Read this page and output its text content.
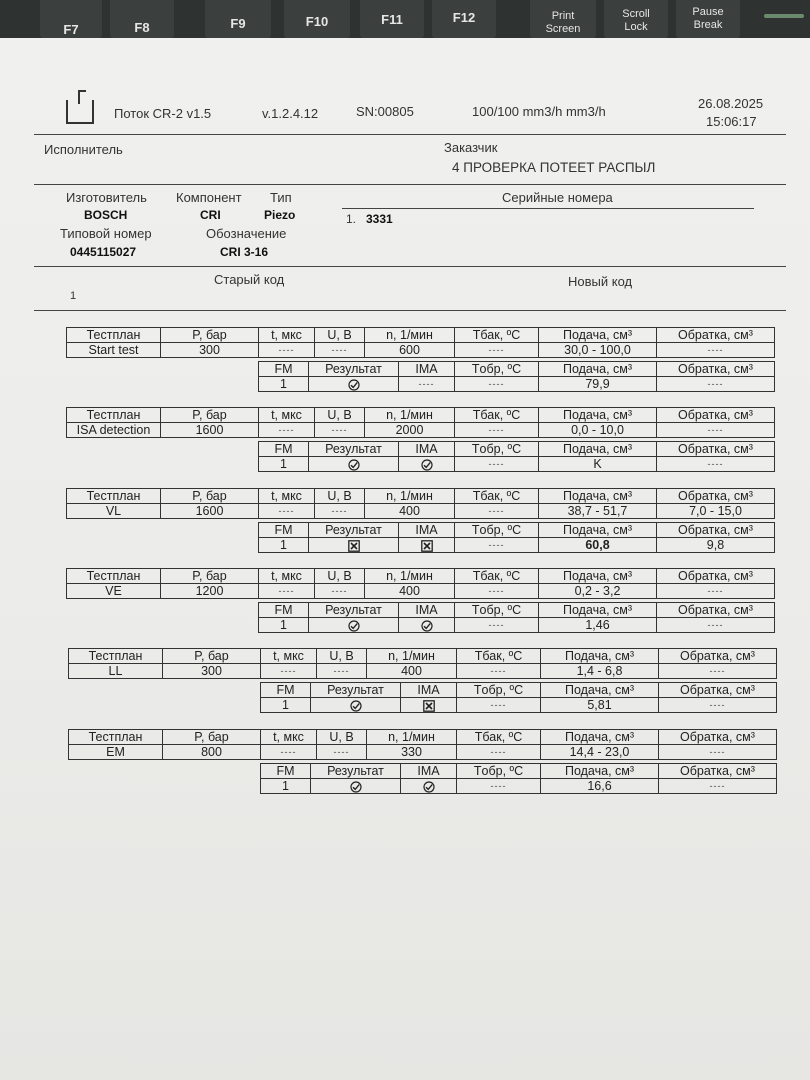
F7	F8	F9	F10	F11	F12	Print
Screen
Scroll
Lock
Pause
Break
Поток CR-2 v1.5	v.1.2.4.12	SN:00805	100/100 mm3/h mm3/h
26.08.2025
15:06:17
Исполнитель	Заказчик
4 ПРОВЕРКА ПОТЕЕТ РАСПЫЛ
Изготовитель
BOSCH
Компонент
CRI
Тип
Piezo
Типовой номер
0445115027
Обозначение
CRI 3-16
Серийные номера
1. 3331
Старый код
1
Новый код
Тестплан	P, бар	t, мкс	U, В	n, 1/мин	Tбак, ºC	Подача, см³	Обратка, см³
Start test	300	----	----	600	----	30,0 - 100,0	----
FM	Результат	IMA	Tобр, ºC	Подача, см³	Обратка, см³
1		----	----	79,9	----
Тестплан	P, бар	t, мкс	U, В	n, 1/мин	Tбак, ºC	Подача, см³	Обратка, см³
ISA detection	1600	----	----	2000	----	0,0 - 10,0	----
FM	Результат	IMA	Tобр, ºC	Подача, см³	Обратка, см³
1			----	K	----
Тестплан	P, бар	t, мкс	U, В	n, 1/мин	Tбак, ºC	Подача, см³	Обратка, см³
VL	1600	----	----	400	----	38,7 - 51,7	7,0 - 15,0
FM	Результат	IMA	Tобр, ºC	Подача, см³	Обратка, см³
1			----	60,8	9,8
Тестплан	P, бар	t, мкс	U, В	n, 1/мин	Tбак, ºC	Подача, см³	Обратка, см³
VE	1200	----	----	400	----	0,2 - 3,2	----
FM	Результат	IMA	Tобр, ºC	Подача, см³	Обратка, см³
1			----	1,46	----
Тестплан	P, бар	t, мкс	U, В	n, 1/мин	Tбак, ºC	Подача, см³	Обратка, см³
LL	300	----	----	400	----	1,4 - 6,8	----
FM	Результат	IMA	Tобр, ºC	Подача, см³	Обратка, см³
1			----	5,81	----
Тестплан	P, бар	t, мкс	U, В	n, 1/мин	Tбак, ºC	Подача, см³	Обратка, см³
EM	800	----	----	330	----	14,4 - 23,0	----
FM	Результат	IMA	Tобр, ºC	Подача, см³	Обратка, см³
1			----	16,6	----
